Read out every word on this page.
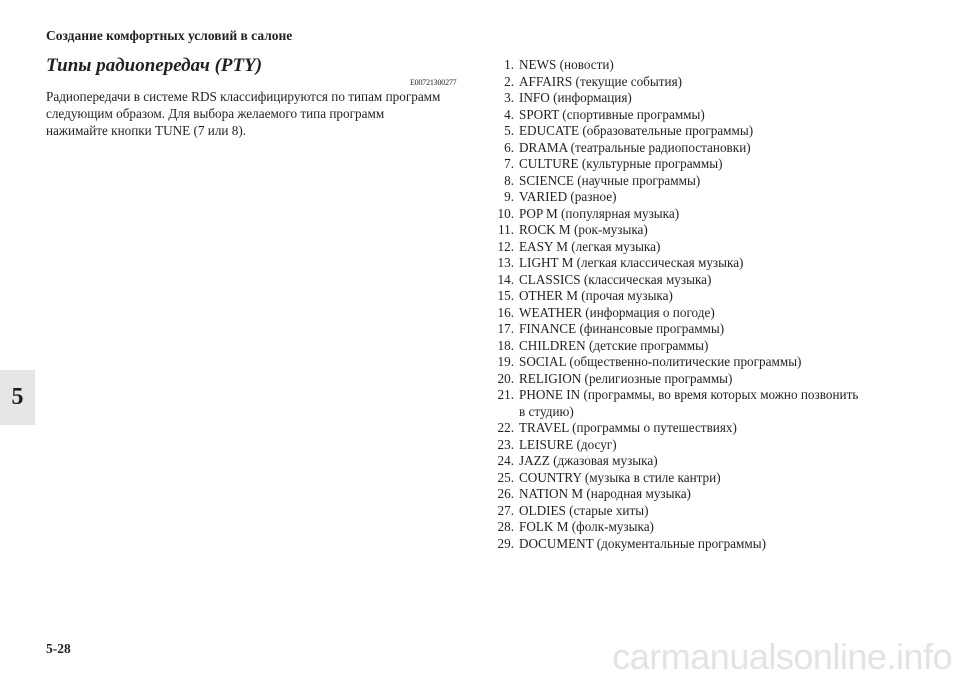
Создание комфортных условий в салоне
5
Типы радиопередач (PTY)
E00721300277
Радиопередачи в системе RDS классифицируются по типам программ
следующим образом. Для выбора желаемого типа программ
нажимайте кнопки TUNE (7 или 8).
1. NEWS (новости)
2. AFFAIRS (текущие события)
3. INFO (информация)
4. SPORT (спортивные программы)
5. EDUCATE (образовательные программы)
6. DRAMA (театральные радиопостановки)
7. CULTURE (культурные программы)
8. SCIENCE (научные программы)
9. VARIED (разное)
10. POP M (популярная музыка)
11. ROCK M (рок-музыка)
12. EASY M (легкая музыка)
13. LIGHT M (легкая классическая музыка)
14. CLASSICS (классическая музыка)
15. OTHER M (прочая музыка)
16. WEATHER (информация о погоде)
17. FINANCE (финансовые программы)
18. CHILDREN (детские программы)
19. SOCIAL (общественно-политические программы)
20. RELIGION (религиозные программы)
21. PHONE IN (программы, во время которых можно позвонить
в студию)
22. TRAVEL (программы о путешествиях)
23. LEISURE (досуг)
24. JAZZ (джазовая музыка)
25. COUNTRY (музыка в стиле кантри)
26. NATION M (народная музыка)
27. OLDIES (старые хиты)
28. FOLK M (фолк-музыка)
29. DOCUMENT (документальные программы)
5-28	carmanualsonline.info
